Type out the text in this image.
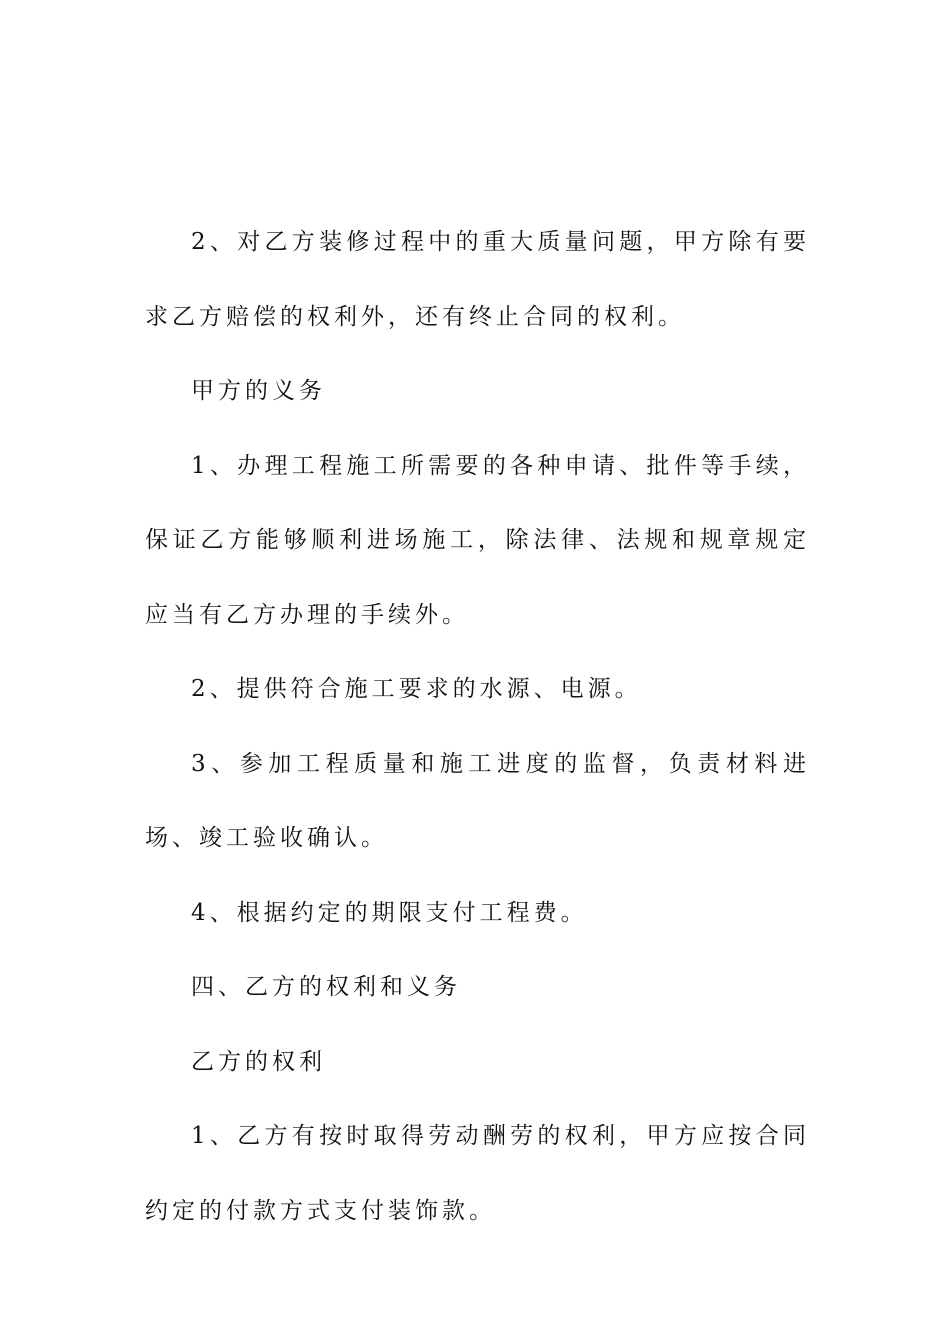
2、对乙方装修过程中的重大质量问题，甲方除有要求乙方赔偿的权利外，还有终止合同的权利。

甲方的义务

1、办理工程施工所需要的各种申请、批件等手续，保证乙方能够顺利进场施工，除法律、法规和规章规定应当有乙方办理的手续外。

2、提供符合施工要求的水源、电源。

3、参加工程质量和施工进度的监督，负责材料进场、竣工验收确认。

4、根据约定的期限支付工程费。

四、乙方的权利和义务

乙方的权利

1、乙方有按时取得劳动酬劳的权利，甲方应按合同约定的付款方式支付装饰款。
